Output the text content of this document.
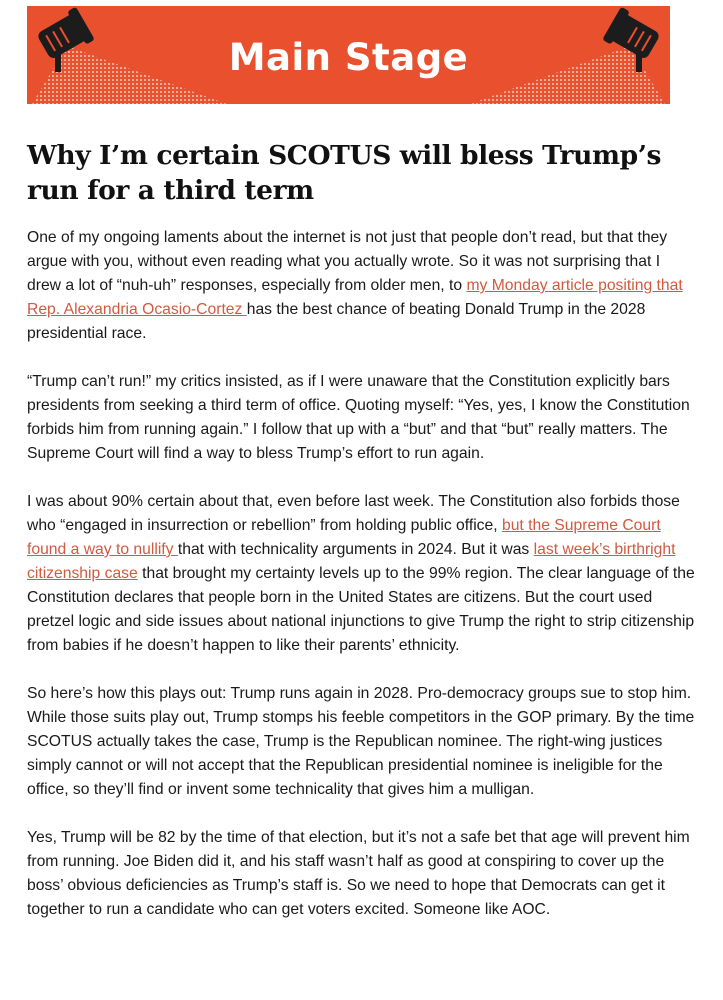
Main Stage
Why I’m certain SCOTUS will bless Trump’s run for a third term

One of my ongoing laments about the internet is not just that people don’t read, but that they argue with you, without even reading what you actually wrote. So it was not surprising that I drew a lot of “nuh-uh” responses, especially from older men, to my Monday article positing that Rep. Alexandria Ocasio-Cortez has the best chance of beating Donald Trump in the 2028 presidential race.

“Trump can’t run!” my critics insisted, as if I were unaware that the Constitution explicitly bars presidents from seeking a third term of office. Quoting myself: “Yes, yes, I know the Constitution forbids him from running again.” I follow that up with a “but” and that “but” really matters. The Supreme Court will find a way to bless Trump’s effort to run again.

I was about 90% certain about that, even before last week. The Constitution also forbids those who “engaged in insurrection or rebellion” from holding public office, but the Supreme Court found a way to nullify that with technicality arguments in 2024. But it was last week’s birthright citizenship case that brought my certainty levels up to the 99% region. The clear language of the Constitution declares that people born in the United States are citizens. But the court used pretzel logic and side issues about national injunctions to give Trump the right to strip citizenship from babies if he doesn’t happen to like their parents’ ethnicity.

So here’s how this plays out: Trump runs again in 2028. Pro-democracy groups sue to stop him. While those suits play out, Trump stomps his feeble competitors in the GOP primary. By the time SCOTUS actually takes the case, Trump is the Republican nominee. The right-wing justices simply cannot or will not accept that the Republican presidential nominee is ineligible for the office, so they’ll find or invent some technicality that gives him a mulligan.

Yes, Trump will be 82 by the time of that election, but it’s not a safe bet that age will prevent him from running. Joe Biden did it, and his staff wasn’t half as good at conspiring to cover up the boss’ obvious deficiencies as Trump’s staff is. So we need to hope that Democrats can get it together to run a candidate who can get voters excited. Someone like AOC.
